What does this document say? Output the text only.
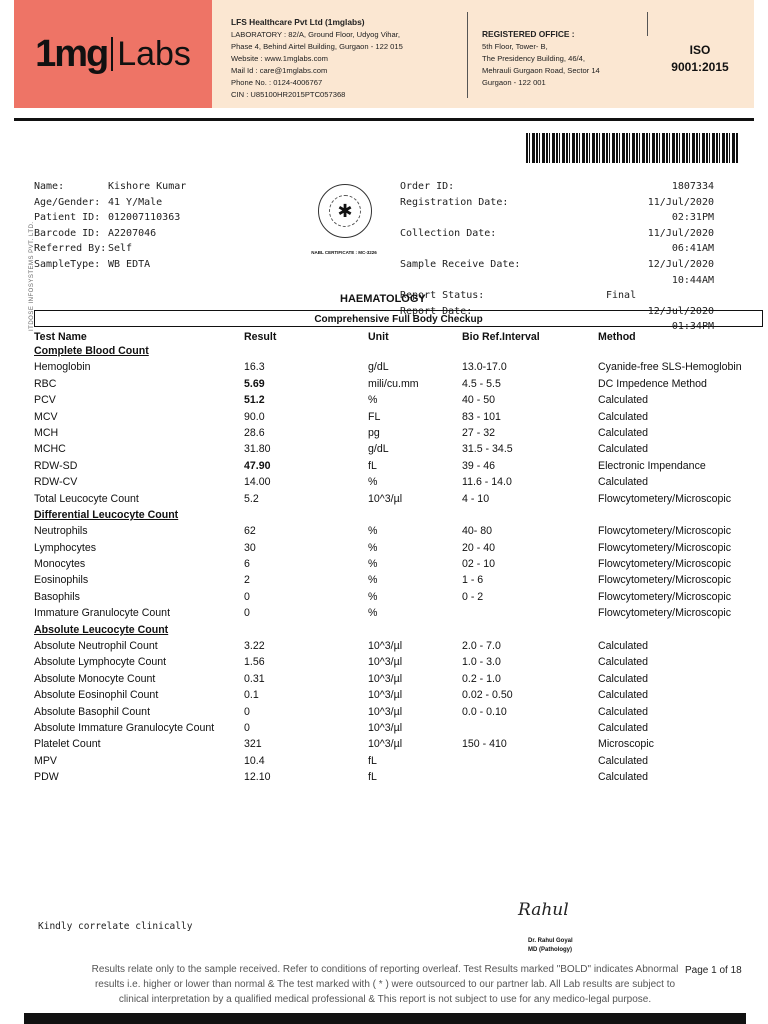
1mg Labs
LFS Healthcare Pvt Ltd (1mglabs)
LABORATORY : 82/A, Ground Floor, Udyog Vihar,
Phase 4, Behind Airtel Building, Gurgaon - 122 015
Website : www.1mglabs.com
Mail Id : care@1mglabs.com
Phone No. : 0124-4006767
CIN : U85100HR2015PTC057368
REGISTERED OFFICE :
5th Floor, Tower- B,
The Presidency Building, 46/4,
Mehrauli Gurgaon Road, Sector 14
Gurgaon - 122 001
ISO
9001:2015
ITDOSE INFOSYSTEMS PVT. LTD.
Name:	Kishore Kumar
Age/Gender: 41 Y/Male
Patient ID: 012007110363
Barcode ID: A2207046
Referred By: Self
SampleType: WB EDTA
✱
NABL CERTIFICATE : MC-3226
Order ID:	1807334
Registration Date:	11/Jul/2020 02:31PM
Collection Date:	11/Jul/2020 06:41AM
Sample Receive Date:	12/Jul/2020 10:44AM
Report Status:	Final
Report Date:	12/Jul/2020 01:34PM
HAEMATOLOGY
Comprehensive Full Body Checkup
Test Name	Result	Unit	Bio Ref.Interval	Method
Complete Blood Count				
Hemoglobin	16.3	g/dL	13.0-17.0	Cyanide-free SLS-Hemoglobin
RBC	5.69	mili/cu.mm	4.5 - 5.5	DC Impedence Method
PCV	51.2	%	40 - 50	Calculated
MCV	90.0	FL	83 - 101	Calculated
MCH	28.6	pg	27 - 32	Calculated
MCHC	31.80	g/dL	31.5 - 34.5	Calculated
RDW-SD	47.90	fL	39 - 46	Electronic Impendance
RDW-CV	14.00	%	11.6 - 14.0	Calculated
Total Leucocyte Count	5.2	10^3/µl	4 - 10	Flowcytometery/Microscopic
Differential Leucocyte Count				
Neutrophils	62	%	40- 80	Flowcytometery/Microscopic
Lymphocytes	30	%	20 - 40	Flowcytometery/Microscopic
Monocytes	6	%	02 - 10	Flowcytometery/Microscopic
Eosinophils	2	%	1 - 6	Flowcytometery/Microscopic
Basophils	0	%	0 - 2	Flowcytometery/Microscopic
Immature Granulocyte Count	0	%		Flowcytometery/Microscopic
Absolute Leucocyte Count				
Absolute Neutrophil Count	3.22	10^3/µl	2.0 - 7.0	Calculated
Absolute Lymphocyte Count	1.56	10^3/µl	1.0 - 3.0	Calculated
Absolute Monocyte Count	0.31	10^3/µl	0.2 - 1.0	Calculated
Absolute Eosinophil Count	0.1	10^3/µl	0.02 - 0.50	Calculated
Absolute Basophil Count	0	10^3/µl	0.0 - 0.10	Calculated
Absolute Immature Granulocyte Count	0	10^3/µl		Calculated
Platelet Count	321	10^3/µl	150 - 410	Microscopic
MPV	10.4	fL		Calculated
PDW	12.10	fL		Calculated
Kindly correlate clinically
Rahul
Dr. Rahul Goyal
MD (Pathology)
Page 1 of 18
Results relate only to the sample received. Refer to conditions of reporting overleaf. Test Results marked "BOLD" indicates Abnormal
results i.e. higher or lower than normal & The test marked with ( * ) were outsourced to our partner lab. All Lab results are subject to
clinical interpretation by a qualified medical professional & This report is not subject to use for any medico-legal purpose.
